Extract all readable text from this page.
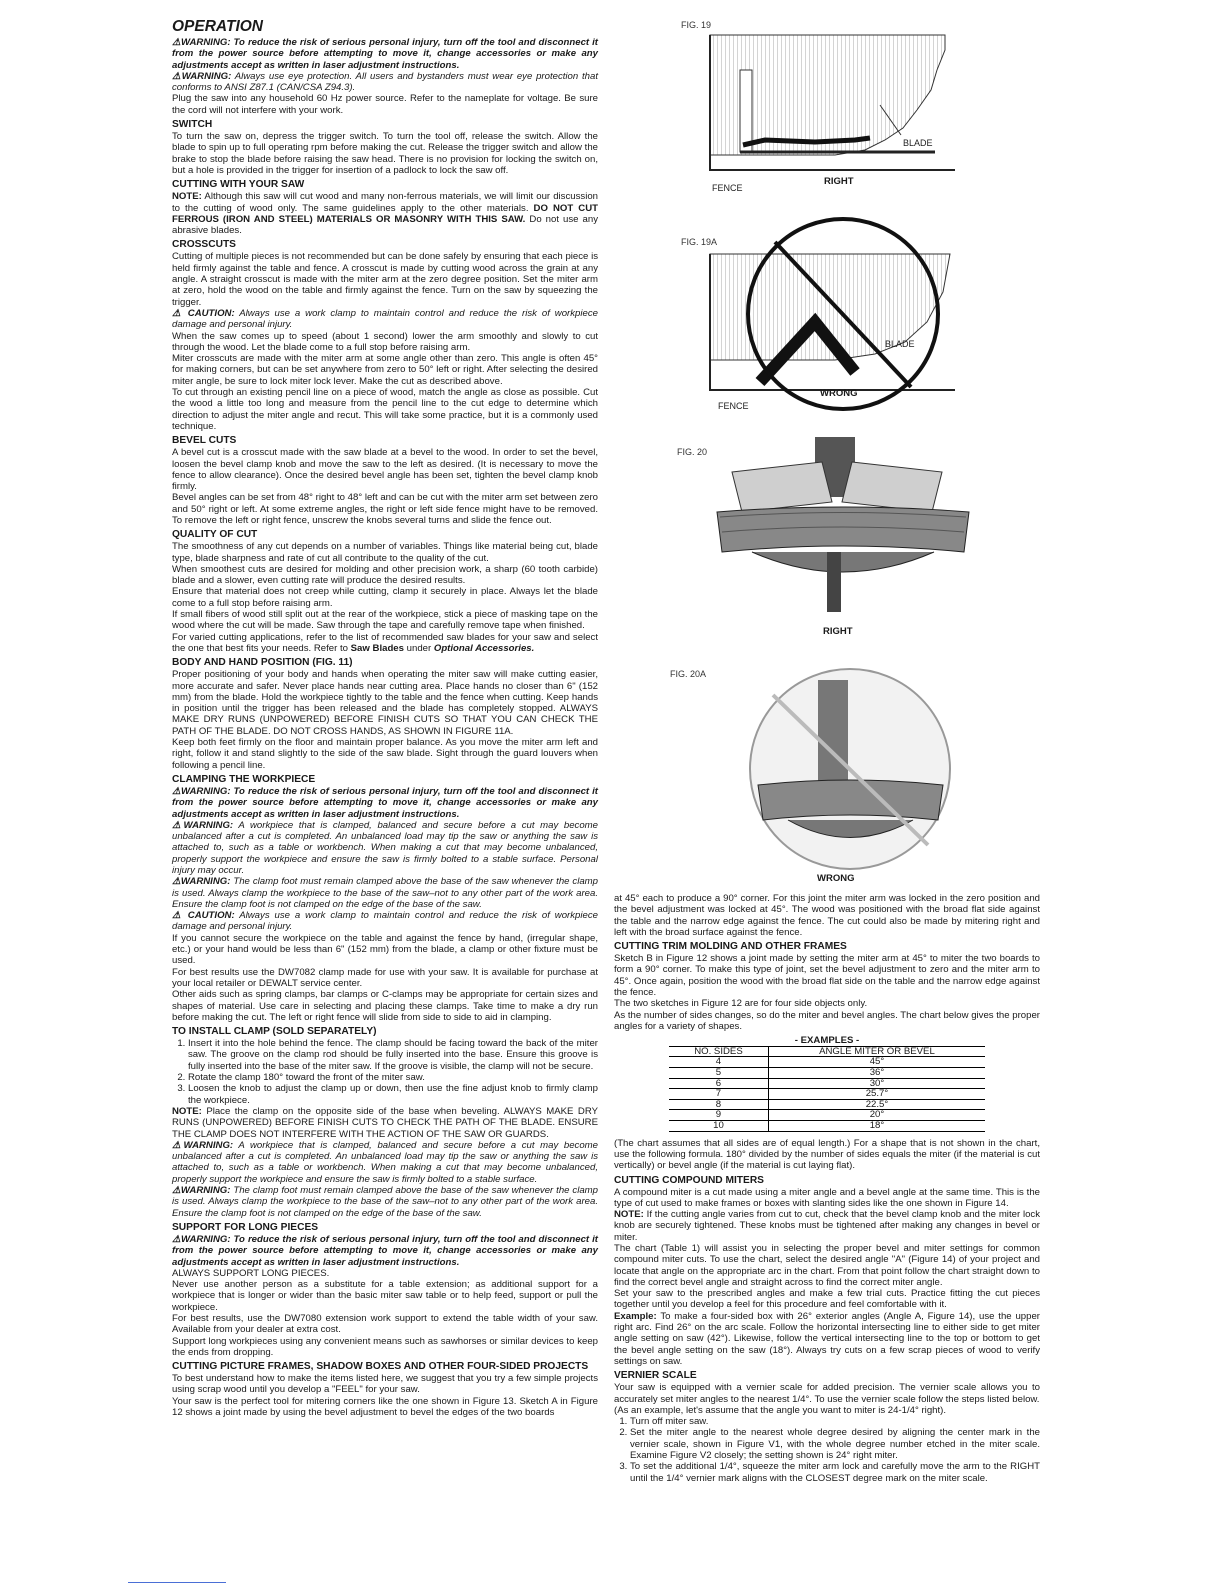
OPERATION

⚠WARNING: To reduce the risk of serious personal injury, turn off the tool and disconnect it from the power source before attempting to move it, change accessories or make any adjustments accept as written in laser adjustment instructions.

⚠WARNING: Always use eye protection. All users and bystanders must wear eye protection that conforms to ANSI Z87.1 (CAN/CSA Z94.3).

Plug the saw into any household 60 Hz power source. Refer to the nameplate for voltage. Be sure the cord will not interfere with your work.

SWITCH

To turn the saw on, depress the trigger switch. To turn the tool off, release the switch. Allow the blade to spin up to full operating rpm before making the cut. Release the trigger switch and allow the brake to stop the blade before raising the saw head. There is no provision for locking the switch on, but a hole is provided in the trigger for insertion of a padlock to lock the saw off.

CUTTING WITH YOUR SAW

NOTE: Although this saw will cut wood and many non-ferrous materials, we will limit our discussion to the cutting of wood only. The same guidelines apply to the other materials. DO NOT CUT FERROUS (IRON AND STEEL) MATERIALS OR MASONRY WITH THIS SAW. Do not use any abrasive blades.

CROSSCUTS

Cutting of multiple pieces is not recommended but can be done safely by ensuring that each piece is held firmly against the table and fence. A crosscut is made by cutting wood across the grain at any angle. A straight crosscut is made with the miter arm at the zero degree position. Set the miter arm at zero, hold the wood on the table and firmly against the fence. Turn on the saw by squeezing the trigger.

⚠ CAUTION: Always use a work clamp to maintain control and reduce the risk of workpiece damage and personal injury.

When the saw comes up to speed (about 1 second) lower the arm smoothly and slowly to cut through the wood. Let the blade come to a full stop before raising arm.

Miter crosscuts are made with the miter arm at some angle other than zero. This angle is often 45° for making corners, but can be set anywhere from zero to 50° left or right. After selecting the desired miter angle, be sure to lock miter lock lever. Make the cut as described above.

To cut through an existing pencil line on a piece of wood, match the angle as close as possible. Cut the wood a little too long and measure from the pencil line to the cut edge to determine which direction to adjust the miter angle and recut. This will take some practice, but it is a commonly used technique.

BEVEL CUTS

A bevel cut is a crosscut made with the saw blade at a bevel to the wood. In order to set the bevel, loosen the bevel clamp knob and move the saw to the left as desired. (It is necessary to move the fence to allow clearance). Once the desired bevel angle has been set, tighten the bevel clamp knob firmly.

Bevel angles can be set from 48° right to 48° left and can be cut with the miter arm set between zero and 50° right or left. At some extreme angles, the right or left side fence might have to be removed. To remove the left or right fence, unscrew the knobs several turns and slide the fence out.

QUALITY OF CUT

The smoothness of any cut depends on a number of variables. Things like material being cut, blade type, blade sharpness and rate of cut all contribute to the quality of the cut.

When smoothest cuts are desired for molding and other precision work, a sharp (60 tooth carbide) blade and a slower, even cutting rate will produce the desired results.

Ensure that material does not creep while cutting, clamp it securely in place. Always let the blade come to a full stop before raising arm.

If small fibers of wood still split out at the rear of the workpiece, stick a piece of masking tape on the wood where the cut will be made. Saw through the tape and carefully remove tape when finished.

For varied cutting applications, refer to the list of recommended saw blades for your saw and select the one that best fits your needs. Refer to Saw Blades under Optional Accessories.

BODY AND HAND POSITION (FIG. 11)

Proper positioning of your body and hands when operating the miter saw will make cutting easier, more accurate and safer. Never place hands near cutting area. Place hands no closer than 6" (152 mm) from the blade. Hold the workpiece tightly to the table and the fence when cutting. Keep hands in position until the trigger has been released and the blade has completely stopped. ALWAYS MAKE DRY RUNS (UNPOWERED) BEFORE FINISH CUTS SO THAT YOU CAN CHECK THE PATH OF THE BLADE. DO NOT CROSS HANDS, AS SHOWN IN FIGURE 11A.

Keep both feet firmly on the floor and maintain proper balance. As you move the miter arm left and right, follow it and stand slightly to the side of the saw blade. Sight through the guard louvers when following a pencil line.

CLAMPING THE WORKPIECE

⚠WARNING: To reduce the risk of serious personal injury, turn off the tool and disconnect it from the power source before attempting to move it, change accessories or make any adjustments accept as written in laser adjustment instructions.

⚠WARNING: A workpiece that is clamped, balanced and secure before a cut may become unbalanced after a cut is completed. An unbalanced load may tip the saw or anything the saw is attached to, such as a table or workbench. When making a cut that may become unbalanced, properly support the workpiece and ensure the saw is firmly bolted to a stable surface. Personal injury may occur.

⚠WARNING: The clamp foot must remain clamped above the base of the saw whenever the clamp is used. Always clamp the workpiece to the base of the saw–not to any other part of the work area. Ensure the clamp foot is not clamped on the edge of the base of the saw.

⚠ CAUTION: Always use a work clamp to maintain control and reduce the risk of workpiece damage and personal injury.

If you cannot secure the workpiece on the table and against the fence by hand, (irregular shape, etc.) or your hand would be less than 6" (152 mm) from the blade, a clamp or other fixture must be used.

For best results use the DW7082 clamp made for use with your saw. It is available for purchase at your local retailer or DEWALT service center.

Other aids such as spring clamps, bar clamps or C-clamps may be appropriate for certain sizes and shapes of material. Use care in selecting and placing these clamps. Take time to make a dry run before making the cut. The left or right fence will slide from side to side to aid in clamping.

TO INSTALL CLAMP (SOLD SEPARATELY)
1. Insert it into the hole behind the fence. The clamp should be facing toward the back of the miter saw. The groove on the clamp rod should be fully inserted into the base. Ensure this groove is fully inserted into the base of the miter saw. If the groove is visible, the clamp will not be secure.
2. Rotate the clamp 180° toward the front of the miter saw.
3. Loosen the knob to adjust the clamp up or down, then use the fine adjust knob to firmly clamp the workpiece.

NOTE: Place the clamp on the opposite side of the base when beveling. ALWAYS MAKE DRY RUNS (UNPOWERED) BEFORE FINISH CUTS TO CHECK THE PATH OF THE BLADE. ENSURE THE CLAMP DOES NOT INTERFERE WITH THE ACTION OF THE SAW OR GUARDS.

⚠WARNING: A workpiece that is clamped, balanced and secure before a cut may become unbalanced after a cut is completed. An unbalanced load may tip the saw or anything the saw is attached to, such as a table or workbench. When making a cut that may become unbalanced, properly support the workpiece and ensure the saw is firmly bolted to a stable surface.

⚠WARNING: The clamp foot must remain clamped above the base of the saw whenever the clamp is used. Always clamp the workpiece to the base of the saw–not to any other part of the work area. Ensure the clamp foot is not clamped on the edge of the base of the saw.

SUPPORT FOR LONG PIECES

⚠WARNING: To reduce the risk of serious personal injury, turn off the tool and disconnect it from the power source before attempting to move it, change accessories or make any adjustments accept as written in laser adjustment instructions.

ALWAYS SUPPORT LONG PIECES.

Never use another person as a substitute for a table extension; as additional support for a workpiece that is longer or wider than the basic miter saw table or to help feed, support or pull the workpiece.

For best results, use the DW7080 extension work support to extend the table width of your saw. Available from your dealer at extra cost.

Support long workpieces using any convenient means such as sawhorses or similar devices to keep the ends from dropping.

CUTTING PICTURE FRAMES, SHADOW BOXES AND OTHER FOUR-SIDED PROJECTS

To best understand how to make the items listed here, we suggest that you try a few simple projects using scrap wood until you develop a "FEEL" for your saw.

Your saw is the perfect tool for mitering corners like the one shown in Figure 13. Sketch A in Figure 12 shows a joint made by using the bevel adjustment to bevel the edges of the two boards

FIG. 19
BLADE
RIGHT
FENCE
FIG. 19A
BLADE
WRONG
FENCE
FIG. 20
RIGHT
FIG. 20A
WRONG

at 45° each to produce a 90° corner. For this joint the miter arm was locked in the zero position and the bevel adjustment was locked at 45°. The wood was positioned with the broad flat side against the table and the narrow edge against the fence. The cut could also be made by mitering right and left with the broad surface against the fence.

CUTTING TRIM MOLDING AND OTHER FRAMES

Sketch B in Figure 12 shows a joint made by setting the miter arm at 45° to miter the two boards to form a 90° corner. To make this type of joint, set the bevel adjustment to zero and the miter arm to 45°. Once again, position the wood with the broad flat side on the table and the narrow edge against the fence.

The two sketches in Figure 12 are for four side objects only.

As the number of sides changes, so do the miter and bevel angles. The chart below gives the proper angles for a variety of shapes.

- EXAMPLES -	
NO. SIDES	ANGLE MITER OR BEVEL
4	45°
5	36°
6	30°
7	25.7°
8	22.5°
9	20°
10	18°

(The chart assumes that all sides are of equal length.) For a shape that is not shown in the chart, use the following formula. 180° divided by the number of sides equals the miter (if the material is cut vertically) or bevel angle (if the material is cut laying flat).

CUTTING COMPOUND MITERS

A compound miter is a cut made using a miter angle and a bevel angle at the same time. This is the type of cut used to make frames or boxes with slanting sides like the one shown in Figure 14.

NOTE: If the cutting angle varies from cut to cut, check that the bevel clamp knob and the miter lock knob are securely tightened. These knobs must be tightened after making any changes in bevel or miter.

The chart (Table 1) will assist you in selecting the proper bevel and miter settings for common compound miter cuts. To use the chart, select the desired angle "A" (Figure 14) of your project and locate that angle on the appropriate arc in the chart. From that point follow the chart straight down to find the correct bevel angle and straight across to find the correct miter angle.

Set your saw to the prescribed angles and make a few trial cuts. Practice fitting the cut pieces together until you develop a feel for this procedure and feel comfortable with it.

Example: To make a four-sided box with 26° exterior angles (Angle A, Figure 14), use the upper right arc. Find 26° on the arc scale. Follow the horizontal intersecting line to either side to get miter angle setting on saw (42°). Likewise, follow the vertical intersecting line to the top or bottom to get the bevel angle setting on the saw (18°). Always try cuts on a few scrap pieces of wood to verify settings on saw.

VERNIER SCALE

Your saw is equipped with a vernier scale for added precision. The vernier scale allows you to accurately set miter angles to the nearest 1/4°. To use the vernier scale follow the steps listed below.

(As an example, let's assume that the angle you want to miter is 24-1/4° right).

1. Turn off miter saw.
2. Set the miter angle to the nearest whole degree desired by aligning the center mark in the vernier scale, shown in Figure V1, with the whole degree number etched in the miter scale. Examine Figure V2 closely; the setting shown is 24° right miter.
3. To set the additional 1/4°, squeeze the miter arm lock and carefully move the arm to the RIGHT until the 1/4° vernier mark aligns with the CLOSEST degree mark on the miter scale.
